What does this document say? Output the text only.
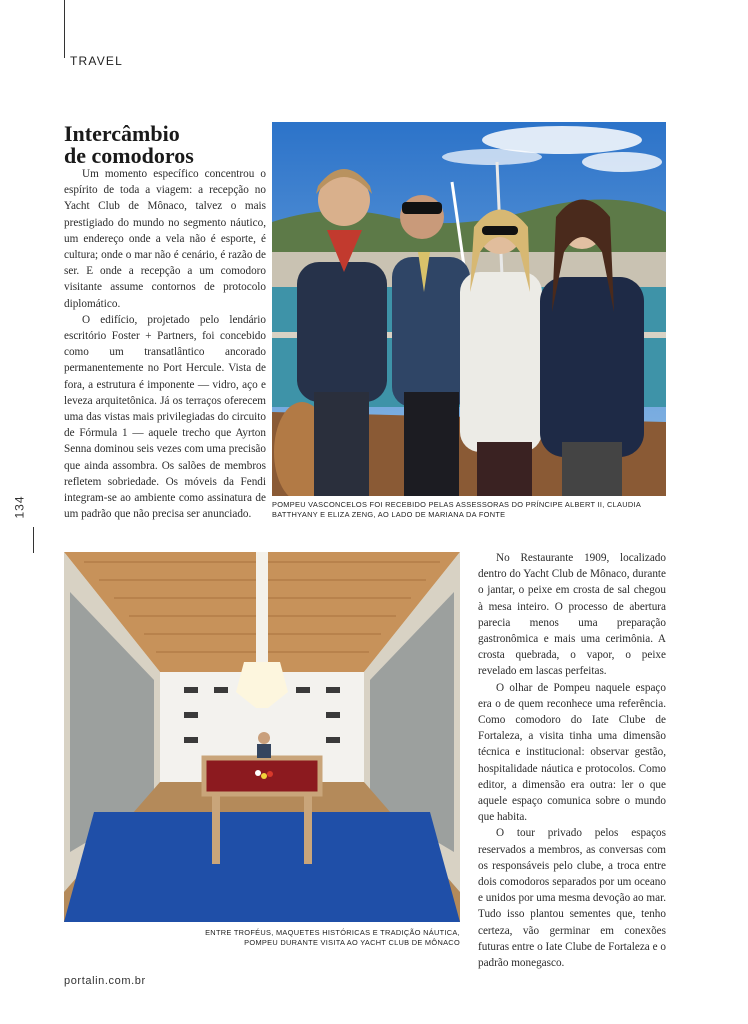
TRAVEL
134
Intercâmbio
de comodoros

Um momento específico concentrou o espírito de toda a viagem: a recepção no Yacht Club de Mônaco, talvez o mais prestigiado do mundo no segmento náutico, um endereço onde a vela não é esporte, é cultura; onde o mar não é cenário, é razão de ser. E onde a recepção a um comodoro visitante assume contornos de protocolo diplomático.

O edifício, projetado pelo lendário escritório Foster + Partners, foi concebido como um transatlântico ancorado permanentemente no Port Hercule. Vista de fora, a estrutura é imponente — vidro, aço e leveza arquitetônica. Já os terraços oferecem uma das vistas mais privilegiadas do circuito de Fórmula 1 — aquele trecho que Ayrton Senna dominou seis vezes com uma precisão que ainda assombra. Os salões de membros refletem sobriedade. Os móveis da Fendi integram-se ao ambiente como assinatura de um padrão que não precisa ser anunciado.

POMPEU VASCONCELOS FOI RECEBIDO PELAS ASSESSORAS DO PRÍNCIPE ALBERT II, CLAUDIA BATTHYANY E ELIZA ZENG, AO LADO DE MARIANA DA FONTE

ENTRE TROFÉUS, MAQUETES HISTÓRICAS E TRADIÇÃO NÁUTICA,
POMPEU DURANTE VISITA AO YACHT CLUB DE MÔNACO

No Restaurante 1909, localizado dentro do Yacht Club de Mônaco, durante o jantar, o peixe em crosta de sal chegou à mesa inteiro. O processo de abertura parecia menos uma preparação gastronômica e mais uma cerimônia. A crosta quebrada, o vapor, o peixe revelado em lascas perfeitas.

O olhar de Pompeu naquele espaço era o de quem reconhece uma referência. Como comodoro do Iate Clube de Fortaleza, a visita tinha uma dimensão técnica e institucional: observar gestão, hospitalidade náutica e protocolos. Como editor, a dimensão era outra: ler o que aquele espaço comunica sobre o mundo que habita.

O tour privado pelos espaços reservados a membros, as conversas com os responsáveis pelo clube, a troca entre dois comodoros separados por um oceano e unidos por uma mesma devoção ao mar. Tudo isso plantou sementes que, tenho certeza, vão germinar em conexões futuras entre o Iate Clube de Fortaleza e o padrão monegasco.

portalin.com.br
